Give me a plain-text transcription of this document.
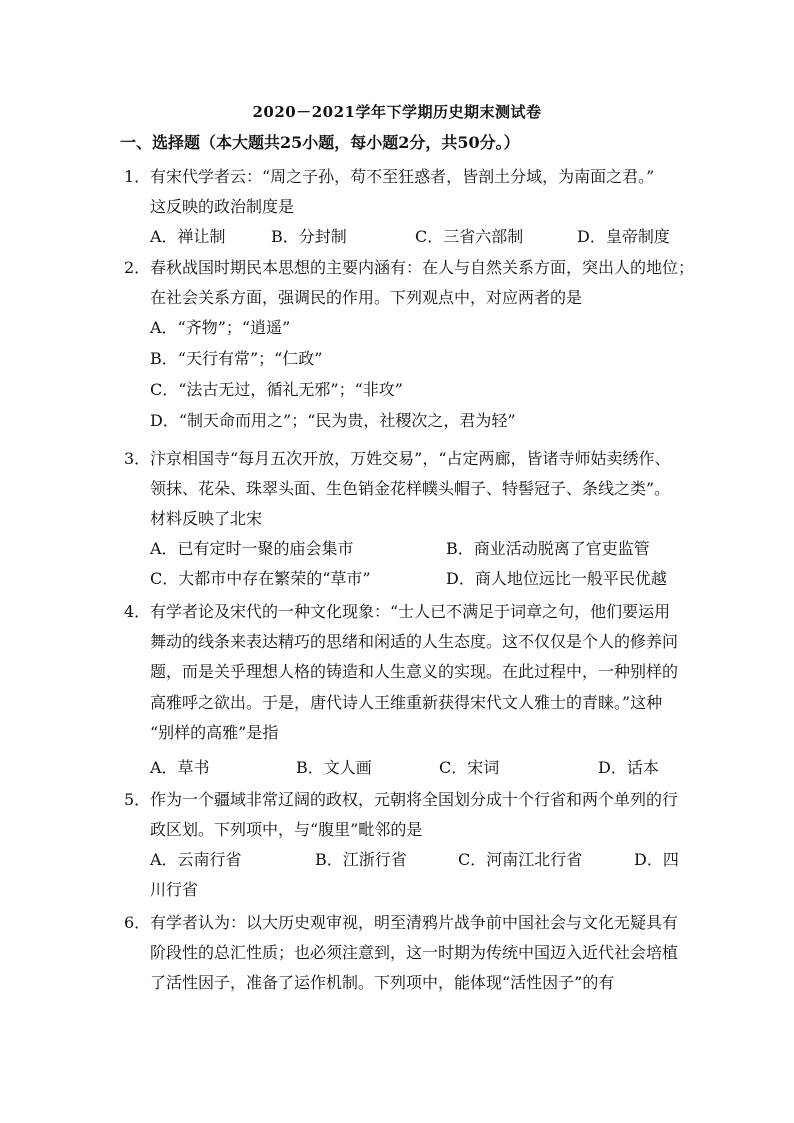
2020－2021学年下学期历史期末测试卷
一、选择题（本大题共25小题，每小题2分，共50分。）
1． 有宋代学者云：“周之子孙，苟不至狂惑者，皆剖土分域，为南面之君。”
这反映的政治制度是
A．禅让制	B．分封制	C．三省六部制	D．皇帝制度
2． 春秋战国时期民本思想的主要内涵有：在人与自然关系方面，突出人的地位；
在社会关系方面，强调民的作用。下列观点中，对应两者的是
A．“齐物”；“逍遥”
B．“天行有常”；“仁政”
C．“法古无过，循礼无邪”；“非攻”
D．“制天命而用之”；“民为贵，社稷次之，君为轻”
3． 汴京相国寺“每月五次开放，万姓交易”，“占定两廊，皆诸寺师姑卖绣作、
领抹、花朵、珠翠头面、生色销金花样幞头帽子、特髻冠子、条线之类”。
材料反映了北宋
A．已有定时一聚的庙会集市	B．商业活动脱离了官吏监管
C．大都市中存在繁荣的“草市”	D．商人地位远比一般平民优越
4． 有学者论及宋代的一种文化现象：“士人已不满足于词章之句，他们要运用
舞动的线条来表达精巧的思绪和闲适的人生态度。这不仅仅是个人的修养问
题，而是关乎理想人格的铸造和人生意义的实现。在此过程中，一种别样的
高雅呼之欲出。于是，唐代诗人王维重新获得宋代文人雅士的青睐。”这种
“别样的高雅”是指
A．草书	B．文人画	C．宋词	D．话本
5． 作为一个疆域非常辽阔的政权，元朝将全国划分成十个行省和两个单列的行
政区划。下列项中，与“腹里”毗邻的是
A．云南行省	B．江浙行省	C．河南江北行省	D．四
川行省
6． 有学者认为：以大历史观审视，明至清鸦片战争前中国社会与文化无疑具有
阶段性的总汇性质；也必须注意到，这一时期为传统中国迈入近代社会培植
了活性因子，准备了运作机制。下列项中，能体现“活性因子”的有
